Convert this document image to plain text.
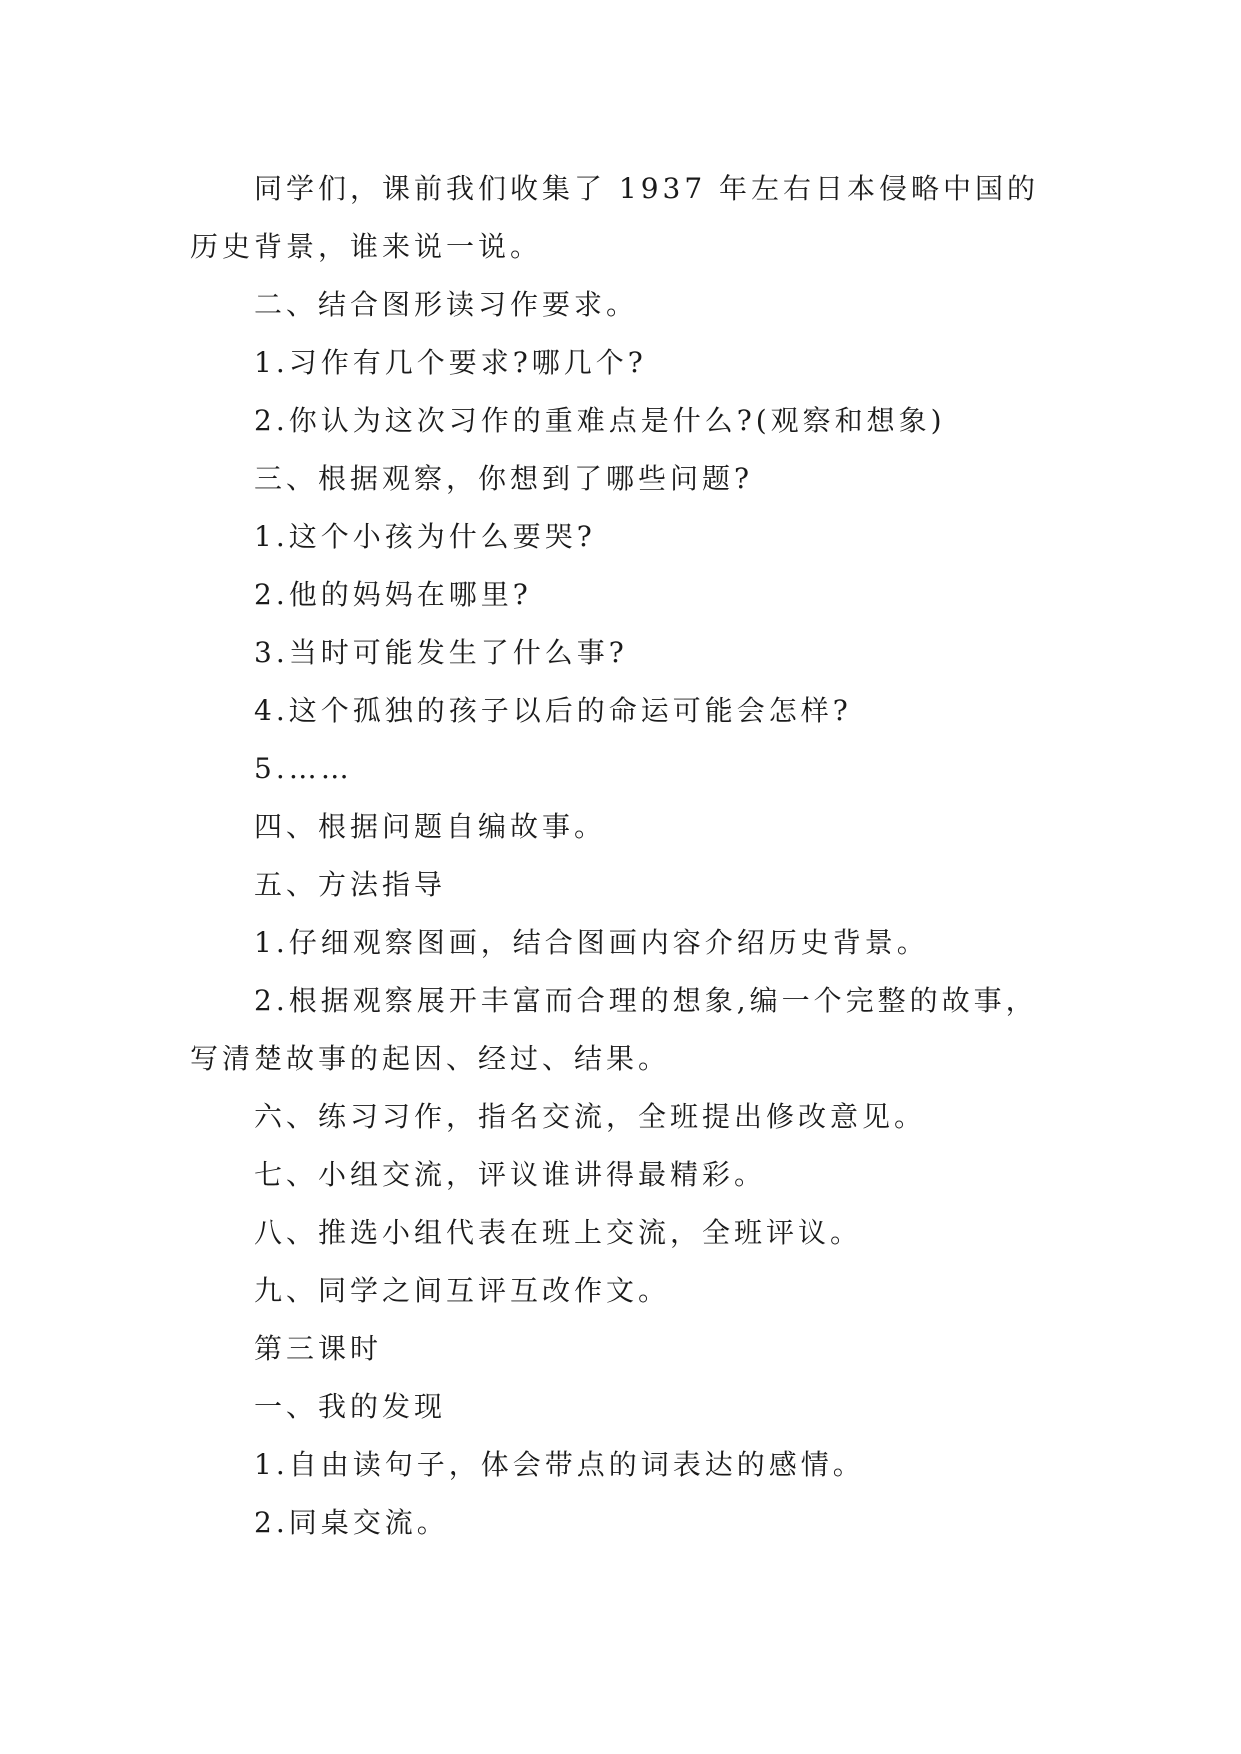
同学们，课前我们收集了 1937 年左右日本侵略中国的历史背景，谁来说一说。

二、结合图形读习作要求。

1.习作有几个要求?哪几个?

2.你认为这次习作的重难点是什么?(观察和想象)

三、根据观察，你想到了哪些问题?

1.这个小孩为什么要哭?

2.他的妈妈在哪里?

3.当时可能发生了什么事?

4.这个孤独的孩子以后的命运可能会怎样?

5.……

四、根据问题自编故事。

五、方法指导

1.仔细观察图画，结合图画内容介绍历史背景。

2.根据观察展开丰富而合理的想象,编一个完整的故事，写清楚故事的起因、经过、结果。

六、练习习作，指名交流，全班提出修改意见。

七、小组交流，评议谁讲得最精彩。

八、推选小组代表在班上交流，全班评议。

九、同学之间互评互改作文。

第三课时

一、我的发现

1.自由读句子，体会带点的词表达的感情。

2.同桌交流。
